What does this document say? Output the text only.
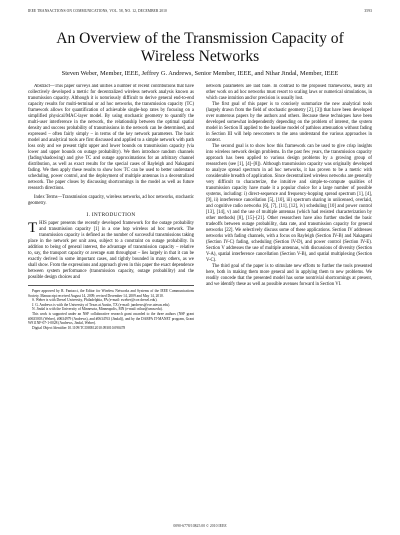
IEEE TRANSACTIONS ON COMMUNICATIONS, VOL. 58, NO. 12, DECEMBER 2010	3593
An Overview of the Transmission Capacity of Wireless Networks
Steven Weber, Member, IEEE, Jeffrey G. Andrews, Senior Member, IEEE, and Nihar Jindal, Member, IEEE

Abstract—This paper surveys and unifies a number of recent contributions that have collectively developed a metric for decentralized wireless network analysis known as transmission capacity. Although it is notoriously difficult to derive general end-to-end capacity results for multi-terminal or ad hoc networks, the transmission capacity (TC) framework allows for quantification of achievable single-hop rates by focusing on a simplified physical/MAC-layer model. By using stochastic geometry to quantify the multi-user interference in the network, the relationship between the optimal spatial density and success probability of transmissions in the network can be determined, and expressed – often fairly simply – in terms of the key network parameters. The basic model and analytical tools are first discussed and applied to a simple network with path loss only and we present tight upper and lower bounds on transmission capacity (via lower and upper bounds on outage probability). We then introduce random channels (fading/shadowing) and give TC and outage approximations for an arbitrary channel distribution, as well as exact results for the special cases of Rayleigh and Nakagami fading. We then apply these results to show how TC can be used to better understand scheduling, power control, and the deployment of multiple antennas in a decentralized network. The paper closes by discussing shortcomings in the model as well as future research directions.

Index Terms—Transmission capacity, wireless networks, ad hoc networks, stochastic geometry.

I. INTRODUCTION

THIS paper presents the recently developed framework for the outage probability and transmission capacity [1] in a one hop wireless ad hoc network. The transmission capacity is defined as the number of successful transmissions taking place in the network per unit area, subject to a constraint on outage probability. In addition to being of general interest, the advantage of transmission capacity – relative to, say, the transport capacity or average sum throughput – lies largely in that it can be exactly derived in some important cases, and tightly bounded in many others, as we shall show. From the expressions and approach given in this paper the exact dependence between system performance (transmission capacity, outage probability) and the possible design choices and

Paper approved by R. Fantacci, the Editor for Wireless Networks and Systems of the IEEE Communications Society. Manuscript received August 14, 2009; revised December 14, 2009 and May 14, 2010.

S. Weber is with Drexel University, Philadelphia, PA (e-mail: sweber@coe.drexel.edu).

J. G. Andrews is with the University of Texas at Austin, TX (e-mail: jandrews@ece.utexas.edu).

N. Jindal is with the University of Minnesota, Minneapolis, MN (e-mail: nihar@umn.edu).

This work is supported under an NSF collaborative research grant awarded to the three authors (NSF grant #0635003 (Weber), #0634979 (Andrews), and #0634763 (Jindal)), and by the DARPA IT-MANET program, Grant W911NF-07-1-0028 (Andrews, Jindal, Weber).

Digital Object Identifier 10.1109/TCOMM.2010.093010.090478

network parameters are laid bare. In contrast to the proposed frameworks, nearly all other work on ad hoc networks must resort to scaling laws or numerical simulations, in which case intuition and/or precision is usually lost.

The first goal of this paper is to concisely summarize the new analytical tools (largely drawn from the field of stochastic geometry [2], [3]) that have been developed over numerous papers by the authors and others. Because these techniques have been developed somewhat independently depending on the problem of interest, the system model in Section II applied to the baseline model of pathloss attenuation without fading in Section III will help newcomers to the area understand the various approaches in context.

The second goal is to show how this framework can be used to give crisp insights into wireless network design problems. In the past few years, the transmission capacity approach has been applied to various design problems by a growing group of researchers (see [1], [4]–[8]). Although transmission capacity was originally developed to analyze spread spectrum in ad hoc networks, it has proven to be a metric with considerable breadth of application. Since decentralized wireless networks are generally very difficult to characterize, the intuitive and simple-to-compute qualities of transmission capacity have made it a popular choice for a large number of possible systems, including: i) direct-sequence and frequency-hopping spread spectrum [1], [4], [9], ii) interference cancellation [5], [10], iii) spectrum sharing in unlicensed, overlaid, and cognitive radio networks [6], [7], [11], [12], iv) scheduling [10] and power control [13], [14], v) and the use of multiple antennas (which had resisted characterization by other methods) [8], [15]–[21]. Other researchers have also further studied the basic tradeoffs between outage probability, data rate, and transmission capacity for general networks [22]. We selectively discuss some of these applications. Section IV addresses networks with fading channels, with a focus on Rayleigh (Section IV-B) and Nakagami (Section IV-C) fading, scheduling (Section IV-D), and power control (Section IV-E). Section V addresses the use of multiple antennas, with discussions of diversity (Section V-A), spatial interference cancellation (Section V-B), and spatial multiplexing (Section V-C).

The third goal of the paper is to stimulate new efforts to further the tools presented here, both in making them more general and in applying them to new problems. We readily concede that the presented model has some nontrivial shortcomings at present, and we identify these as well as possible avenues forward in Section VI.

0090-6778/10$25.00 © 2010 IEEE
